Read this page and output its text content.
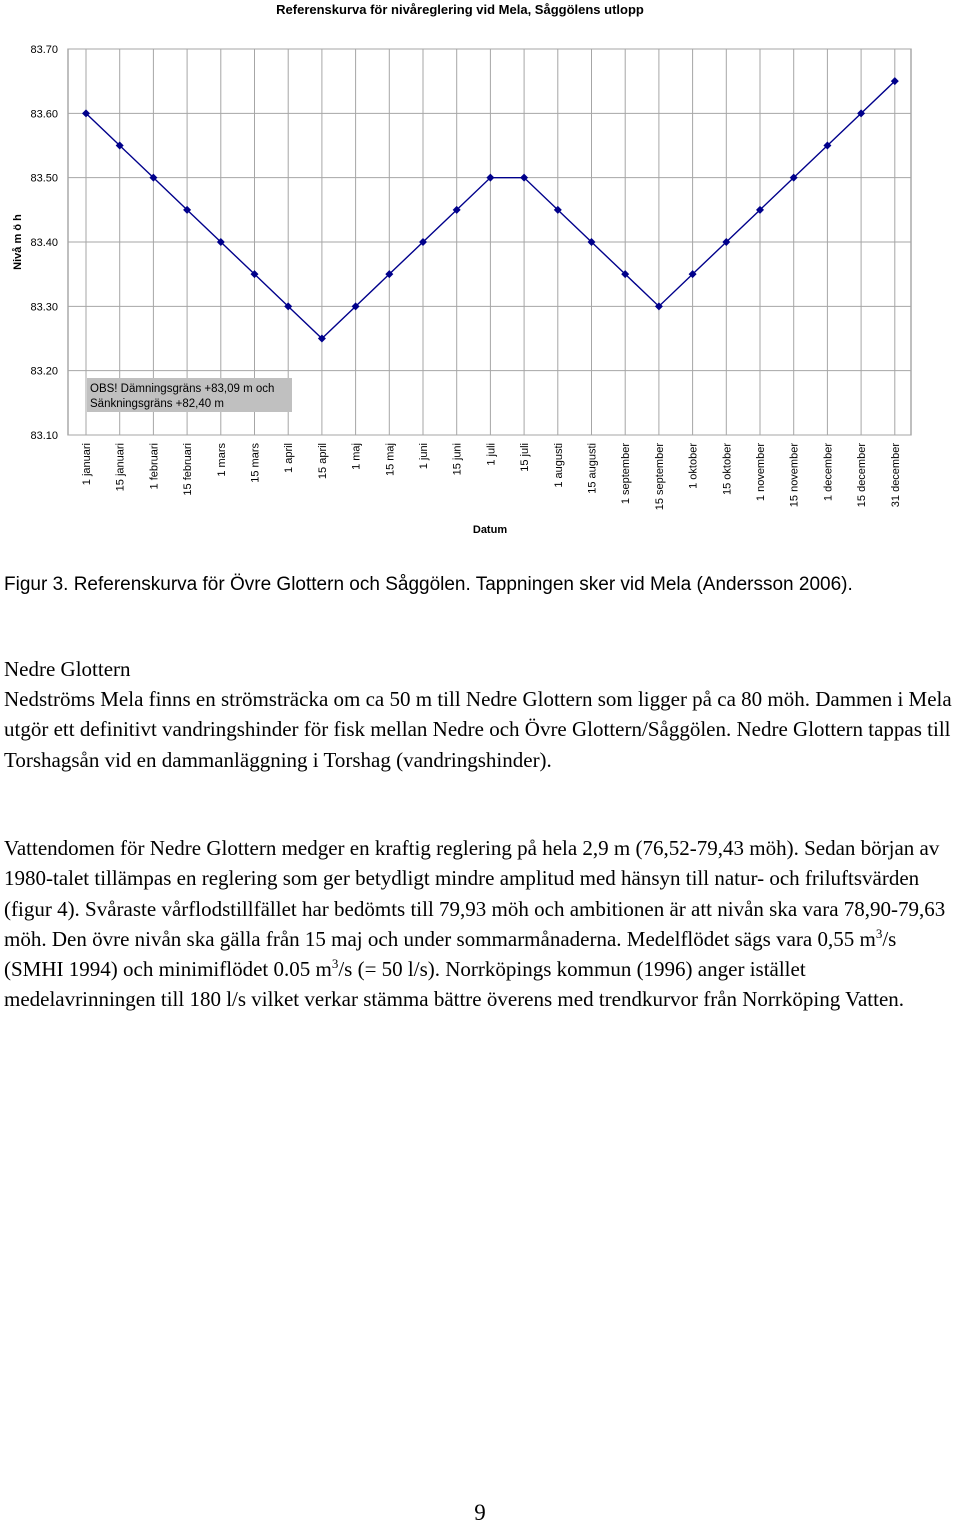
Referenskurva för nivåreglering vid Mela, Såggölens utlopp
83.70
83.60
83.50
83.40
83.30
83.20
83.10
Nivå m ö h
1 januari 15 januari 1 februari 15 februari 1 mars 15 mars 1 april 15 april 1 maj 15 maj 1 juni 15 juni 1 juli 15 juli 1 augusti 15 augusti 1 september 15 september 1 oktober 15 oktober 1 november 15 november 1 december 15 december 31 december
Datum
OBS! Dämningsgräns +83,09 m och
Sänkningsgräns +82,40 m
Figur 3. Referenskurva för Övre Glottern och Såggölen. Tappningen sker vid Mela (Andersson 2006).
Nedre Glottern
Nedströms Mela finns en strömsträcka om ca 50 m till Nedre Glottern som ligger på ca 80 möh. Dammen i Mela utgör ett definitivt vandringshinder för fisk mellan Nedre och Övre Glottern/Såggölen. Nedre Glottern tappas till Torshagsån vid en dammanläggning i Torshag (vandringshinder).
Vattendomen för Nedre Glottern medger en kraftig reglering på hela 2,9 m (76,52-79,43 möh). Sedan början av 1980-talet tillämpas en reglering som ger betydligt mindre amplitud med hänsyn till natur- och friluftsvärden (figur 4). Svåraste vårflodstillfället har bedömts till 79,93 möh och ambitionen är att nivån ska vara 78,90-79,63 möh. Den övre nivån ska gälla från 15 maj och under sommarmånaderna. Medelflödet sägs vara 0,55 $m^3/s$ (SMHI 1994) och minimiflödet 0.05 $m^3/s$ (= 50 l/s). Norrköpings kommun (1996) anger istället medelavrinningen till 180 l/s vilket verkar stämma bättre överens med trendkurvor från Norrköping Vatten.
9
